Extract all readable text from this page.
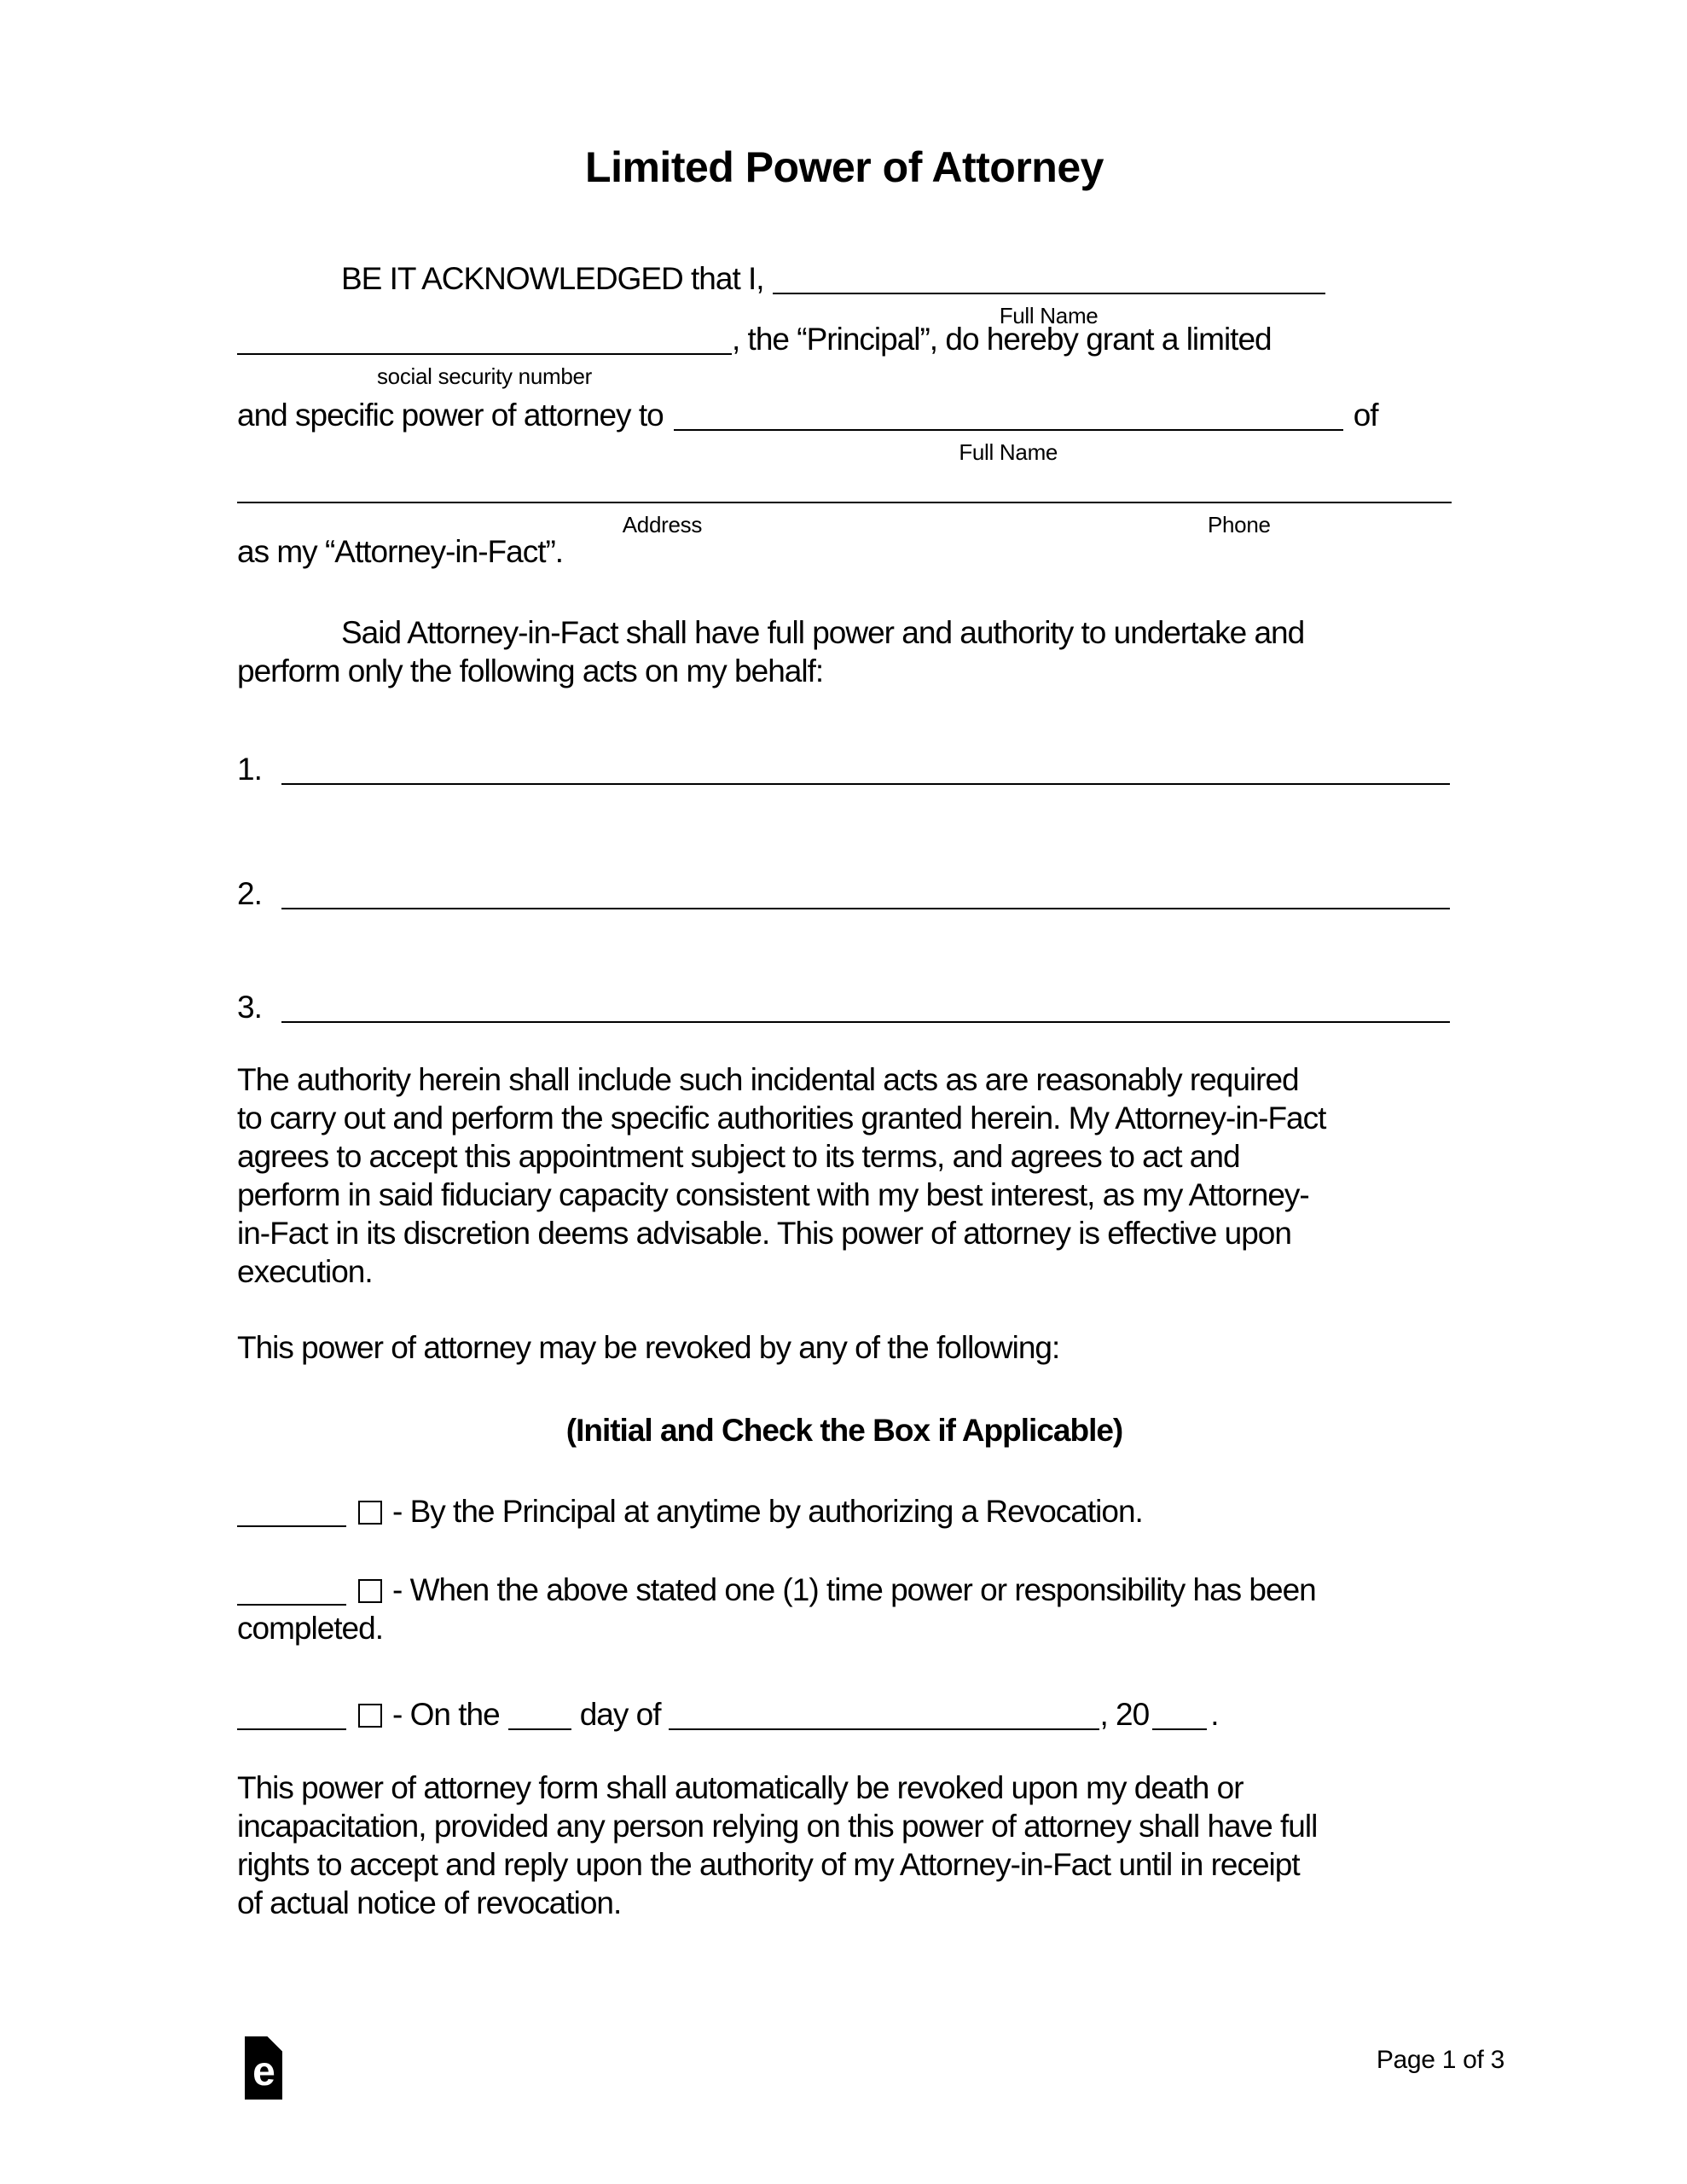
Limited Power of Attorney
BE IT ACKNOWLEDGED that I,
Full Name
social security number
, the “Principal”, do hereby grant a limited
and specific power of attorney to
Full Name
of
Address	Phone
as my “Attorney-in-Fact”.
Said Attorney-in-Fact shall have full power and authority to undertake and
perform only the following acts on my behalf:
1.
2.
3.
The authority herein shall include such incidental acts as are reasonably required
to carry out and perform the specific authorities granted herein. My Attorney-in-Fact
agrees to accept this appointment subject to its terms, and agrees to act and
perform in said fiduciary capacity consistent with my best interest, as my Attorney-
in-Fact in its discretion deems advisable. This power of attorney is effective upon
execution.
This power of attorney may be revoked by any of the following:
(Initial and Check the Box if Applicable)
- By the Principal at anytime by authorizing a Revocation.
- When the above stated one (1) time power or responsibility has been
completed.
- On the	day of	, 20 .
This power of attorney form shall automatically be revoked upon my death or
incapacitation, provided any person relying on this power of attorney shall have full
rights to accept and reply upon the authority of my Attorney-in-Fact until in receipt
of actual notice of revocation.
e	Page 1 of 3
